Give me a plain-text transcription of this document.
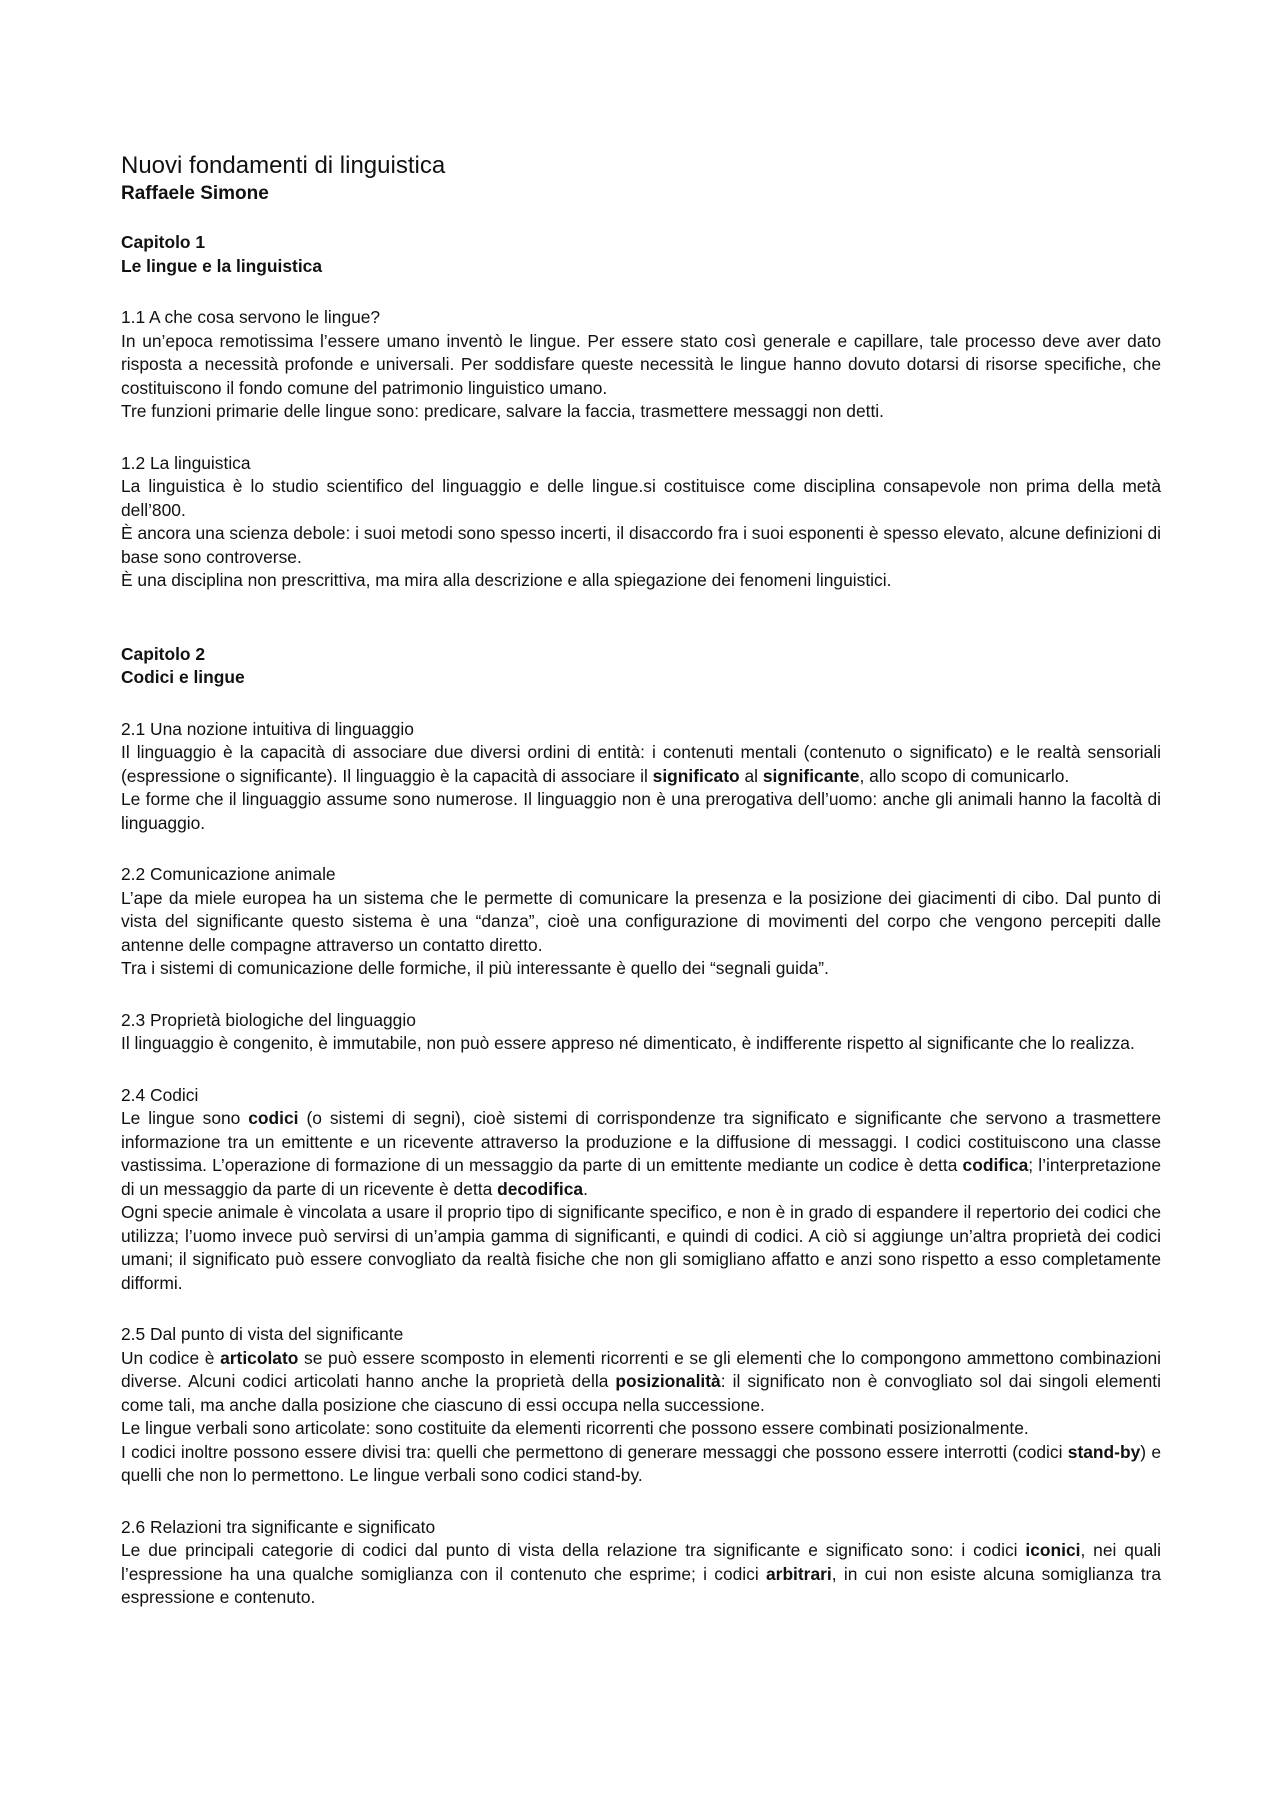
Nuovi fondamenti di linguistica
Raffaele Simone
Capitolo 1
Le lingue e la linguistica
1.1 A che cosa servono le lingue?

In un’epoca remotissima l’essere umano inventò le lingue. Per essere stato così generale e capillare, tale processo deve aver dato risposta a necessità profonde e universali. Per soddisfare queste necessità le lingue hanno dovuto dotarsi di risorse specifiche, che costituiscono il fondo comune del patrimonio linguistico umano.

Tre funzioni primarie delle lingue sono: predicare, salvare la faccia, trasmettere messaggi non detti.

1.2 La linguistica

La linguistica è lo studio scientifico del linguaggio e delle lingue.si costituisce come disciplina consapevole non prima della metà dell’800.

È ancora una scienza debole: i suoi metodi sono spesso incerti, il disaccordo fra i suoi esponenti è spesso elevato, alcune definizioni di base sono controverse.

È una disciplina non prescrittiva, ma mira alla descrizione e alla spiegazione dei fenomeni linguistici.

Capitolo 2
Codici e lingue
2.1 Una nozione intuitiva di linguaggio

Il linguaggio è la capacità di associare due diversi ordini di entità: i contenuti mentali (contenuto o significato) e le realtà sensoriali (espressione o significante). Il linguaggio è la capacità di associare il significato al significante, allo scopo di comunicarlo.

Le forme che il linguaggio assume sono numerose. Il linguaggio non è una prerogativa dell’uomo: anche gli animali hanno la facoltà di linguaggio.

2.2 Comunicazione animale

L’ape da miele europea ha un sistema che le permette di comunicare la presenza e la posizione dei giacimenti di cibo. Dal punto di vista del significante questo sistema è una “danza”, cioè una configurazione di movimenti del corpo che vengono percepiti dalle antenne delle compagne attraverso un contatto diretto.

Tra i sistemi di comunicazione delle formiche, il più interessante è quello dei “segnali guida”.

2.3 Proprietà biologiche del linguaggio

Il linguaggio è congenito, è immutabile, non può essere appreso né dimenticato, è indifferente rispetto al significante che lo realizza.

2.4 Codici

Le lingue sono codici (o sistemi di segni), cioè sistemi di corrispondenze tra significato e significante che servono a trasmettere informazione tra un emittente e un ricevente attraverso la produzione e la diffusione di messaggi. I codici costituiscono una classe vastissima. L’operazione di formazione di un messaggio da parte di un emittente mediante un codice è detta codifica; l’interpretazione di un messaggio da parte di un ricevente è detta decodifica.

Ogni specie animale è vincolata a usare il proprio tipo di significante specifico, e non è in grado di espandere il repertorio dei codici che utilizza; l’uomo invece può servirsi di un’ampia gamma di significanti, e quindi di codici. A ciò si aggiunge un’altra proprietà dei codici umani; il significato può essere convogliato da realtà fisiche che non gli somigliano affatto e anzi sono rispetto a esso completamente difformi.

2.5 Dal punto di vista del significante

Un codice è articolato se può essere scomposto in elementi ricorrenti e se gli elementi che lo compongono ammettono combinazioni diverse. Alcuni codici articolati hanno anche la proprietà della posizionalità: il significato non è convogliato sol dai singoli elementi come tali, ma anche dalla posizione che ciascuno di essi occupa nella successione.

Le lingue verbali sono articolate: sono costituite da elementi ricorrenti che possono essere combinati posizionalmente.

I codici inoltre possono essere divisi tra: quelli che permettono di generare messaggi che possono essere interrotti (codici stand-by) e quelli che non lo permettono. Le lingue verbali sono codici stand-by.

2.6 Relazioni tra significante e significato

Le due principali categorie di codici dal punto di vista della relazione tra significante e significato sono: i codici iconici, nei quali l’espressione ha una qualche somiglianza con il contenuto che esprime; i codici arbitrari, in cui non esiste alcuna somiglianza tra espressione e contenuto.
